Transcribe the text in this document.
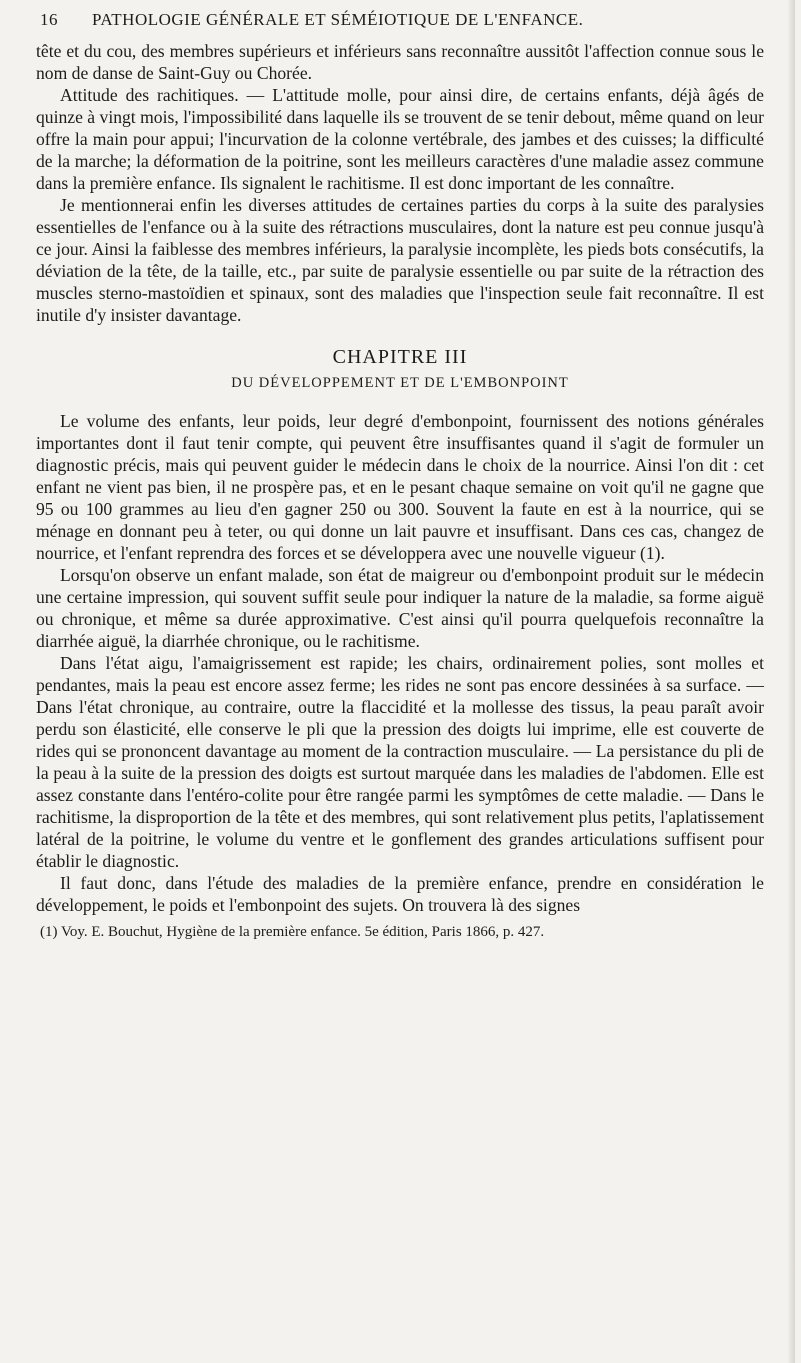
16 PATHOLOGIE GÉNÉRALE ET SÉMÉIOTIQUE DE L'ENFANCE.

tête et du cou, des membres supérieurs et inférieurs sans reconnaître aussitôt l'affection connue sous le nom de danse de Saint-Guy ou Chorée.

Attitude des rachitiques. — L'attitude molle, pour ainsi dire, de certains enfants, déjà âgés de quinze à vingt mois, l'impossibilité dans laquelle ils se trouvent de se tenir debout, même quand on leur offre la main pour appui; l'incurvation de la colonne vertébrale, des jambes et des cuisses; la difficulté de la marche; la déformation de la poitrine, sont les meilleurs caractères d'une maladie assez commune dans la première enfance. Ils signalent le rachitisme. Il est donc important de les connaître.

Je mentionnerai enfin les diverses attitudes de certaines parties du corps à la suite des paralysies essentielles de l'enfance ou à la suite des rétractions musculaires, dont la nature est peu connue jusqu'à ce jour. Ainsi la faiblesse des membres inférieurs, la paralysie incomplète, les pieds bots consécutifs, la déviation de la tête, de la taille, etc., par suite de paralysie essentielle ou par suite de la rétraction des muscles sterno-mastoïdien et spinaux, sont des maladies que l'inspection seule fait reconnaître. Il est inutile d'y insister davantage.

CHAPITRE III
DU DÉVELOPPEMENT ET DE L'EMBONPOINT

Le volume des enfants, leur poids, leur degré d'embonpoint, fournissent des notions générales importantes dont il faut tenir compte, qui peuvent être insuffisantes quand il s'agit de formuler un diagnostic précis, mais qui peuvent guider le médecin dans le choix de la nourrice. Ainsi l'on dit : cet enfant ne vient pas bien, il ne prospère pas, et en le pesant chaque semaine on voit qu'il ne gagne que 95 ou 100 grammes au lieu d'en gagner 250 ou 300. Souvent la faute en est à la nourrice, qui se ménage en donnant peu à teter, ou qui donne un lait pauvre et insuffisant. Dans ces cas, changez de nourrice, et l'enfant reprendra des forces et se développera avec une nouvelle vigueur (1).

Lorsqu'on observe un enfant malade, son état de maigreur ou d'embonpoint produit sur le médecin une certaine impression, qui souvent suffit seule pour indiquer la nature de la maladie, sa forme aiguë ou chronique, et même sa durée approximative. C'est ainsi qu'il pourra quelquefois reconnaître la diarrhée aiguë, la diarrhée chronique, ou le rachitisme.

Dans l'état aigu, l'amaigrissement est rapide; les chairs, ordinairement polies, sont molles et pendantes, mais la peau est encore assez ferme; les rides ne sont pas encore dessinées à sa surface. — Dans l'état chronique, au contraire, outre la flaccidité et la mollesse des tissus, la peau paraît avoir perdu son élasticité, elle conserve le pli que la pression des doigts lui imprime, elle est couverte de rides qui se prononcent davantage au moment de la contraction musculaire. — La persistance du pli de la peau à la suite de la pression des doigts est surtout marquée dans les maladies de l'abdomen. Elle est assez constante dans l'entéro-colite pour être rangée parmi les symptômes de cette maladie. — Dans le rachitisme, la disproportion de la tête et des membres, qui sont relativement plus petits, l'aplatissement latéral de la poitrine, le volume du ventre et le gonflement des grandes articulations suffisent pour établir le diagnostic.

Il faut donc, dans l'étude des maladies de la première enfance, prendre en considération le développement, le poids et l'embonpoint des sujets. On trouvera là des signes

(1) Voy. E. Bouchut, Hygiène de la première enfance. 5e édition, Paris 1866, p. 427.
